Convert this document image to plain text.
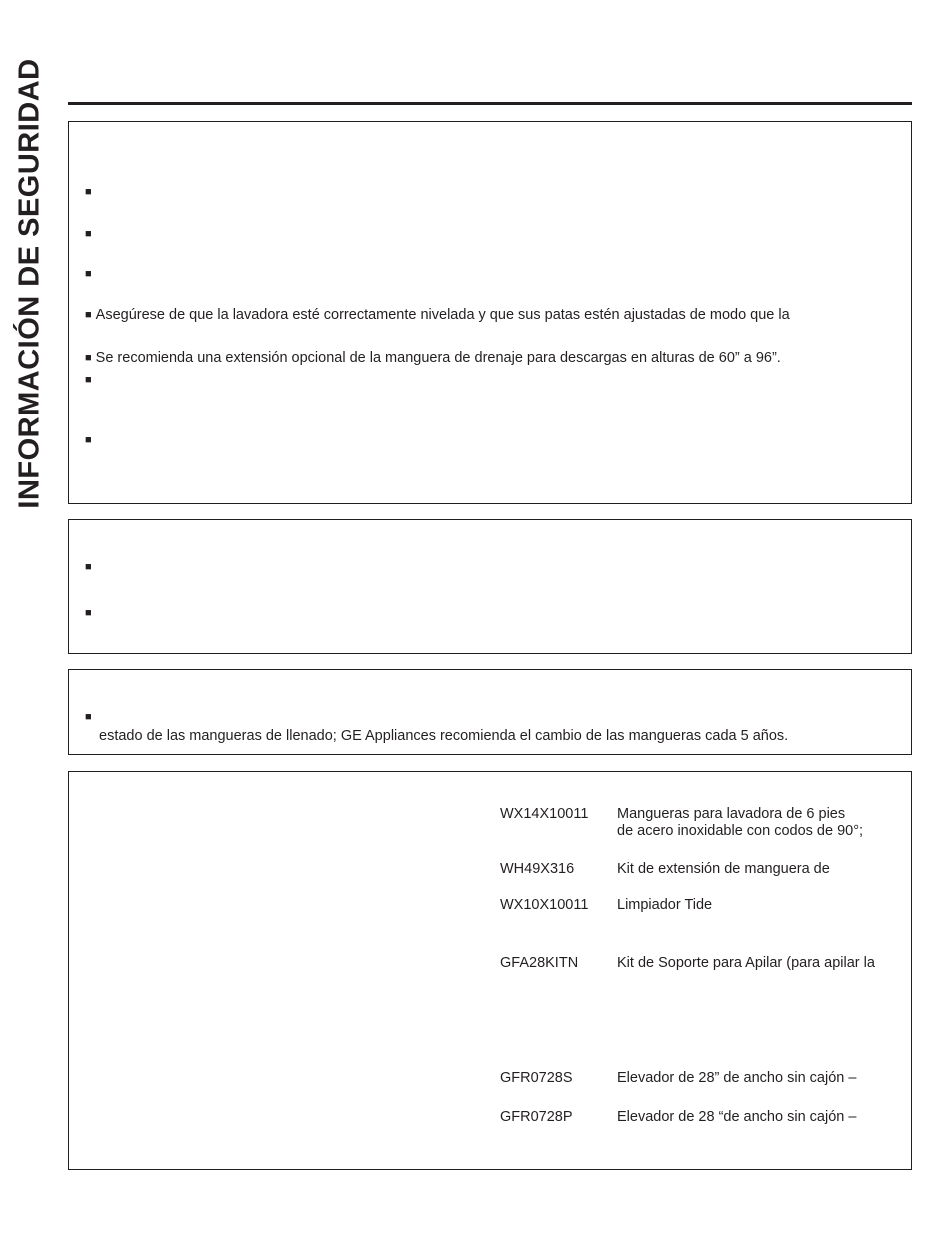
INFORMACIÓN DE SEGURIDAD	■
■
■
■ Asegúrese de que la lavadora esté correctamente nivelada y que sus patas estén ajustadas de modo que la
■ Se recomienda una extensión opcional de la manguera de drenaje para descargas en alturas de 60” a 96”.
■
■
■
■
■
estado de las mangueras de llenado; GE Appliances recomienda el cambio de las mangueras cada 5 años.
WX14X10011 Mangueras para lavadora de 6 pies
de acero inoxidable con codos de 90°;
WH49X316	Kit de extensión de manguera de
WX10X10011 Limpiador Tide
GFA28KITN	Kit de Soporte para Apilar (para apilar la
GFR0728S	Elevador de 28” de ancho sin cajón –
GFR0728P	Elevador de 28 “de ancho sin cajón –
